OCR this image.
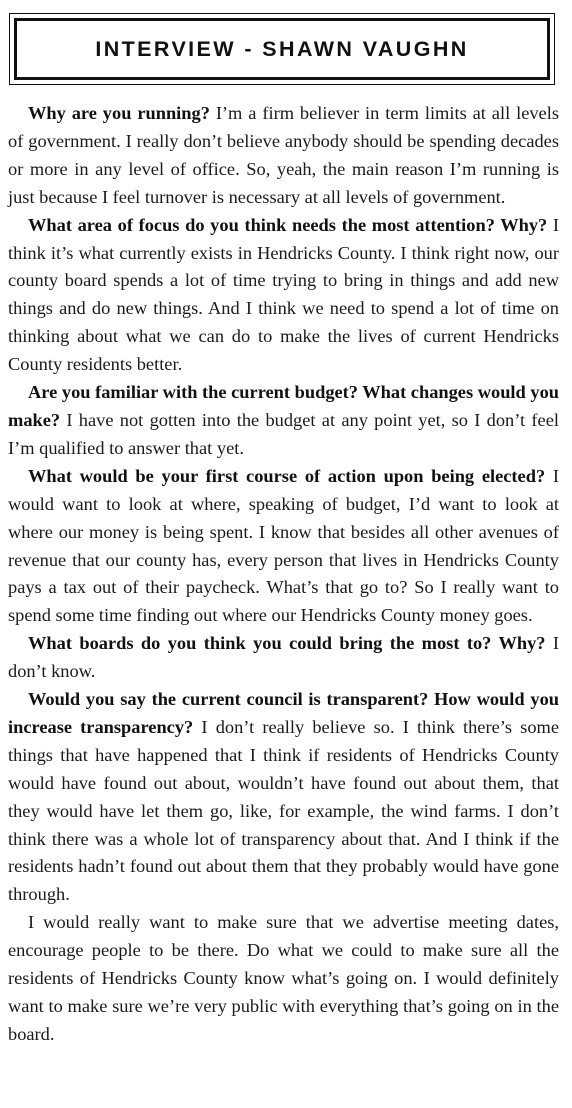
INTERVIEW - SHAWN VAUGHN

Why are you running? I’m a firm believer in term limits at all levels of government. I really don’t believe anybody should be spending decades or more in any level of office. So, yeah, the main reason I’m running is just because I feel turnover is necessary at all levels of government.

What area of focus do you think needs the most attention? Why? I think it’s what currently exists in Hendricks County. I think right now, our county board spends a lot of time trying to bring in things and add new things and do new things. And I think we need to spend a lot of time on thinking about what we can do to make the lives of current Hendricks County residents better.

Are you familiar with the current budget? What changes would you make? I have not gotten into the budget at any point yet, so I don’t feel I’m qualified to answer that yet.

What would be your first course of action upon being elected? I would want to look at where, speaking of budget, I’d want to look at where our money is being spent. I know that besides all other avenues of revenue that our county has, every person that lives in Hendricks County pays a tax out of their paycheck. What’s that go to? So I really want to spend some time finding out where our Hendricks County money goes.

What boards do you think you could bring the most to? Why? I don’t know.

Would you say the current council is transparent? How would you increase transparency? I don’t really believe so. I think there’s some things that have happened that I think if residents of Hendricks County would have found out about, wouldn’t have found out about them, that they would have let them go, like, for example, the wind farms. I don’t think there was a whole lot of transparency about that. And I think if the residents hadn’t found out about them that they probably would have gone through.

I would really want to make sure that we advertise meeting dates, encourage people to be there. Do what we could to make sure all the residents of Hendricks County know what’s going on. I would definitely want to make sure we’re very public with everything that’s going on in the board.
